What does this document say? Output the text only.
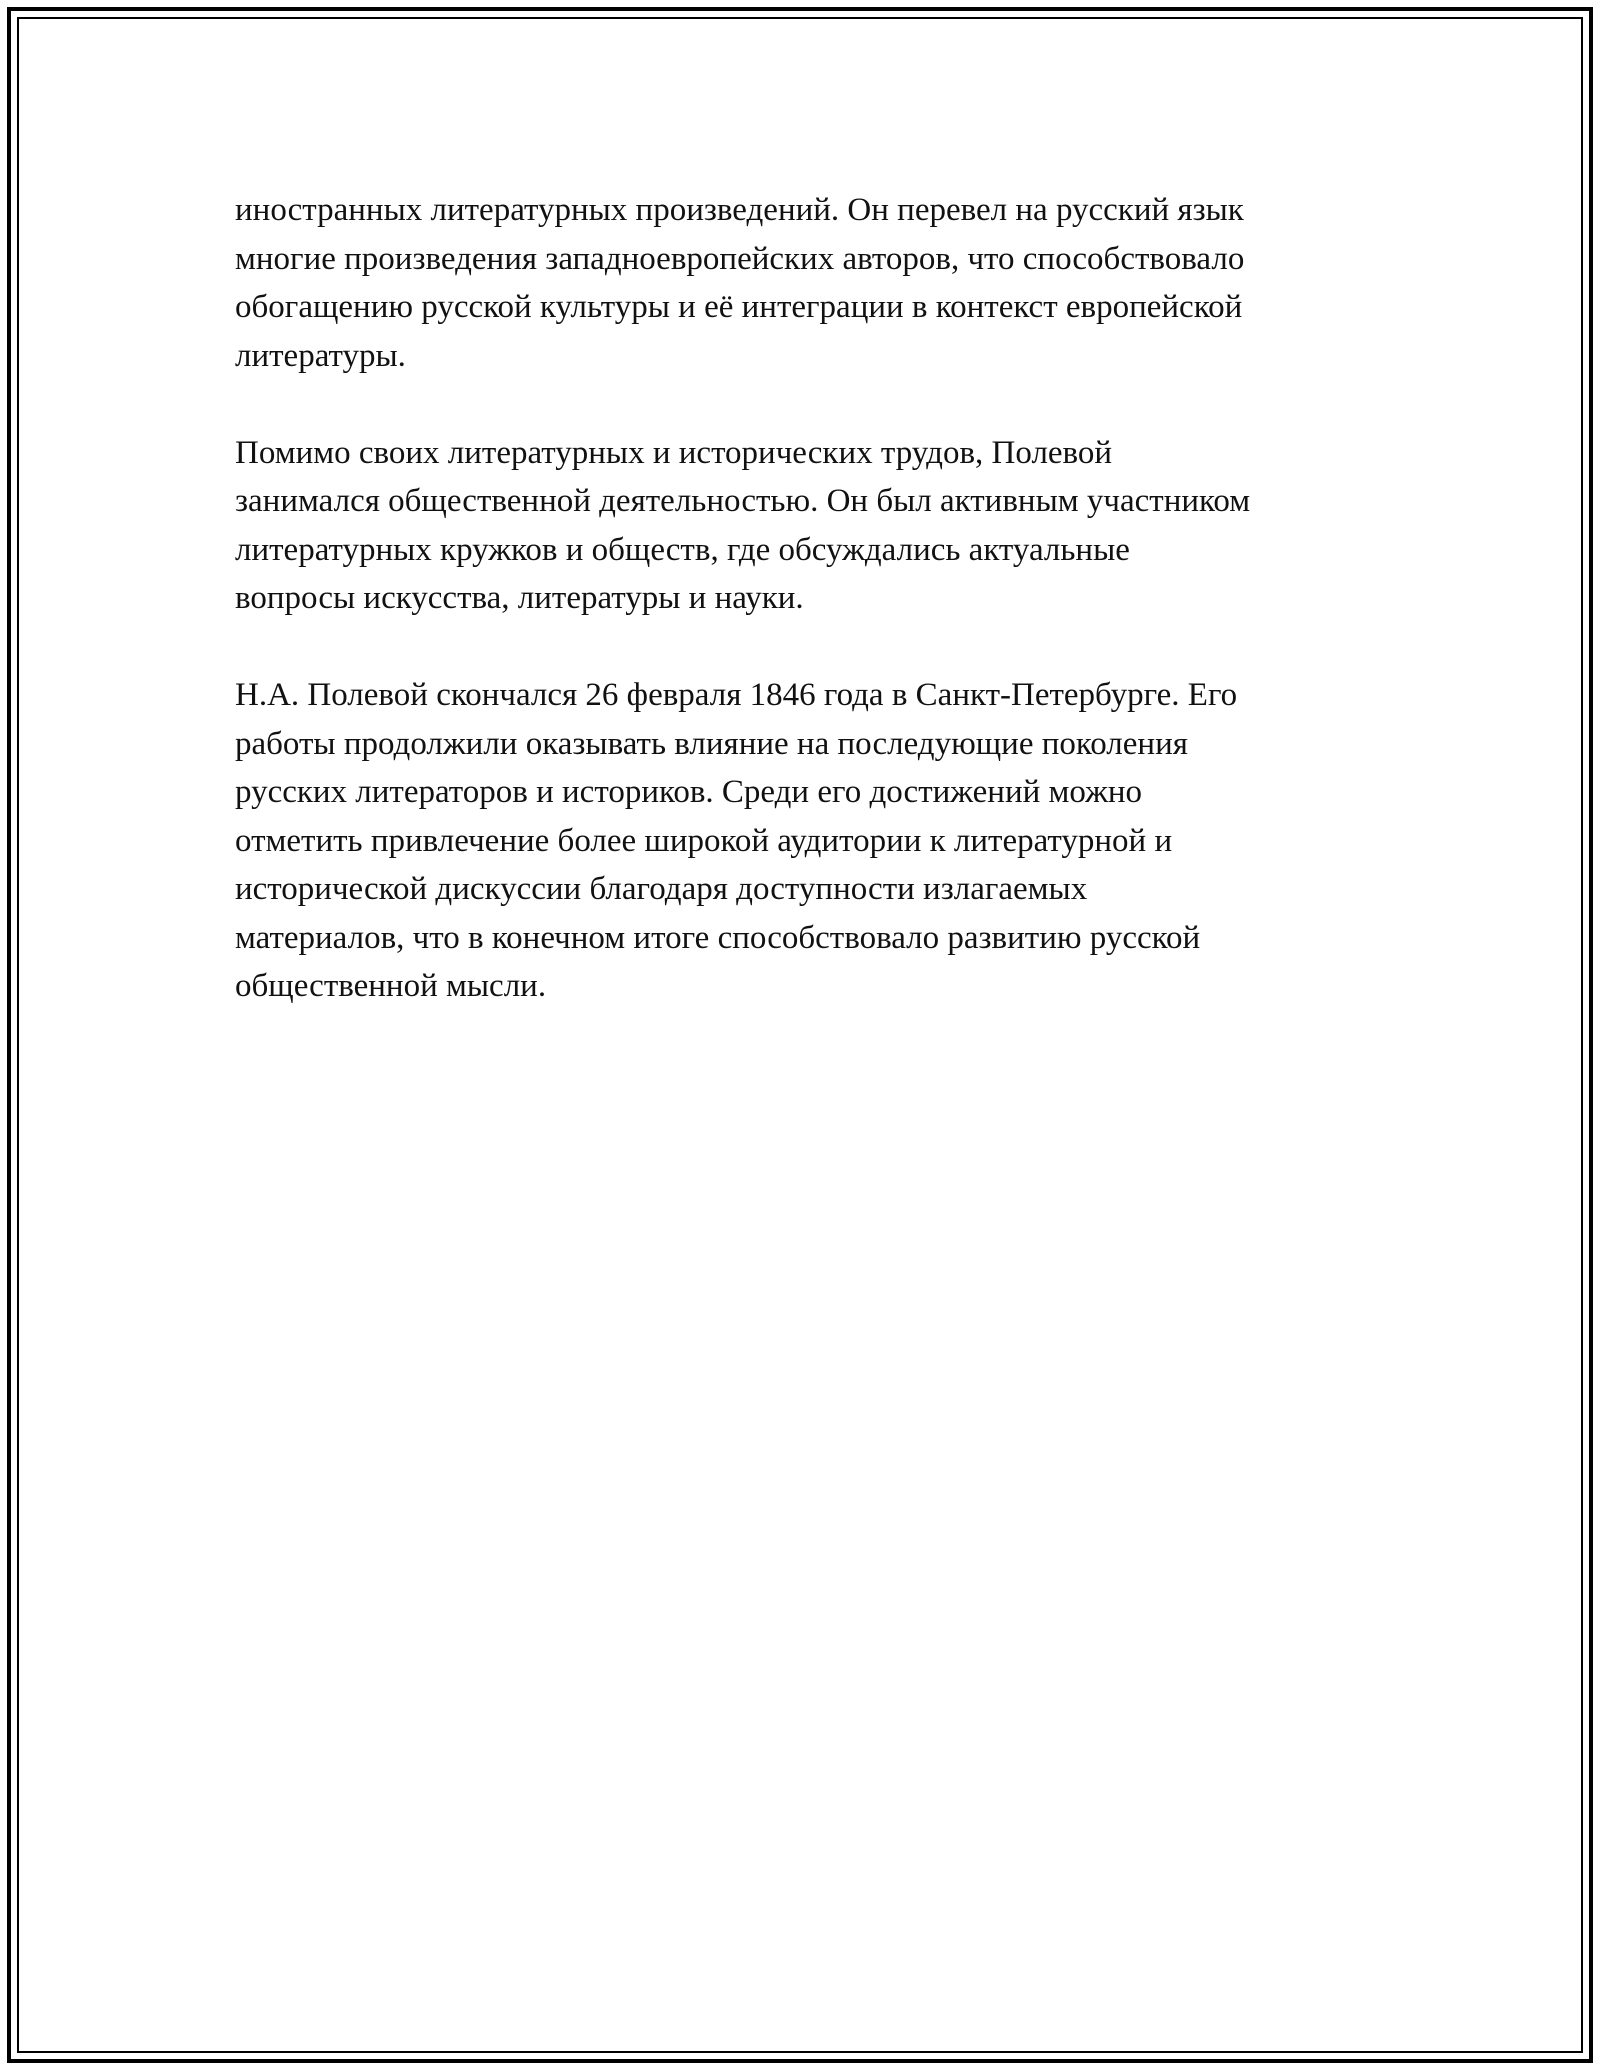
иностранных литературных произведений. Он перевел на русский язык
многие произведения западноевропейских авторов, что способствовало
обогащению русской культуры и её интеграции в контекст европейской
литературы.

Помимо своих литературных и исторических трудов, Полевой
занимался общественной деятельностью. Он был активным участником
литературных кружков и обществ, где обсуждались актуальные
вопросы искусства, литературы и науки.

Н.А. Полевой скончался 26 февраля 1846 года в Санкт-Петербурге. Его
работы продолжили оказывать влияние на последующие поколения
русских литераторов и историков. Среди его достижений можно
отметить привлечение более широкой аудитории к литературной и
исторической дискуссии благодаря доступности излагаемых
материалов, что в конечном итоге способствовало развитию русской
общественной мысли.
